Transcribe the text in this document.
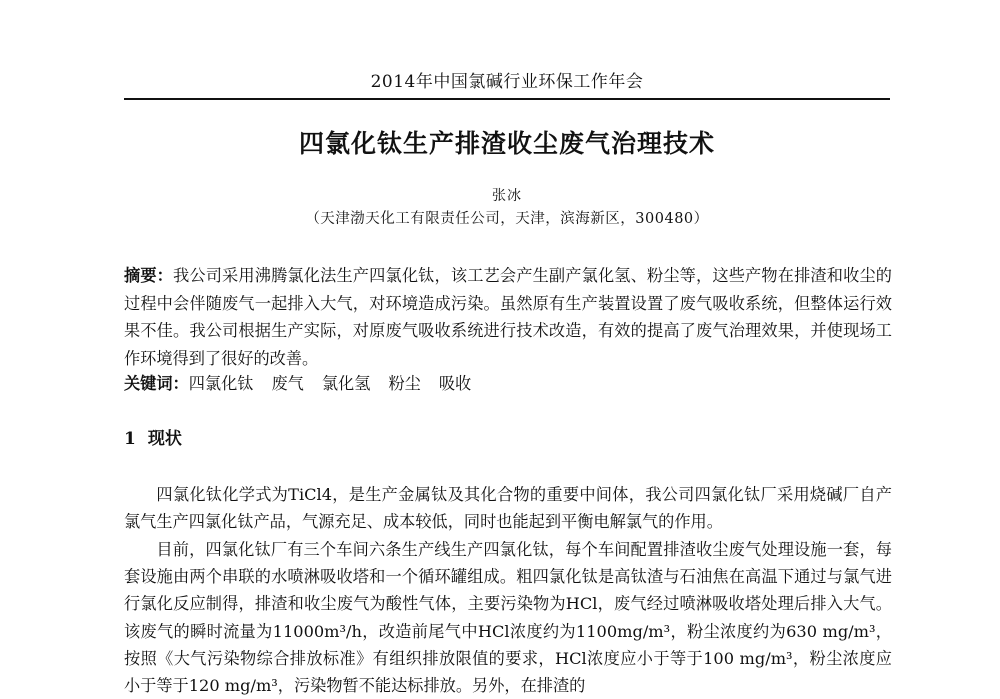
2014年中国氯碱行业环保工作年会
四氯化钛生产排渣收尘废气治理技术
张冰
（天津渤天化工有限责任公司，天津，滨海新区，300480）

摘要：我公司采用沸腾氯化法生产四氯化钛，该工艺会产生副产氯化氢、粉尘等，这些产物在排渣和收尘的过程中会伴随废气一起排入大气，对环境造成污染。虽然原有生产装置设置了废气吸收系统，但整体运行效果不佳。我公司根据生产实际，对原废气吸收系统进行技术改造，有效的提高了废气治理效果，并使现场工作环境得到了很好的改善。

关键词：四氯化钛 废气 氯化氢 粉尘 吸收

1 现状

四氯化钛化学式为TiCl4，是生产金属钛及其化合物的重要中间体，我公司四氯化钛厂采用烧碱厂自产氯气生产四氯化钛产品，气源充足、成本较低，同时也能起到平衡电解氯气的作用。

目前，四氯化钛厂有三个车间六条生产线生产四氯化钛，每个车间配置排渣收尘废气处理设施一套，每套设施由两个串联的水喷淋吸收塔和一个循环罐组成。粗四氯化钛是高钛渣与石油焦在高温下通过与氯气进行氯化反应制得，排渣和收尘废气为酸性气体，主要污染物为HCl，废气经过喷淋吸收塔处理后排入大气。该废气的瞬时流量为11000m³/h，改造前尾气中HCl浓度约为1100mg/m³，粉尘浓度约为630 mg/m³，按照《大气污染物综合排放标准》有组织排放限值的要求，HCl浓度应小于等于100 mg/m³，粉尘浓度应小于等于120 mg/m³，污染物暂不能达标排放。另外，在排渣的
